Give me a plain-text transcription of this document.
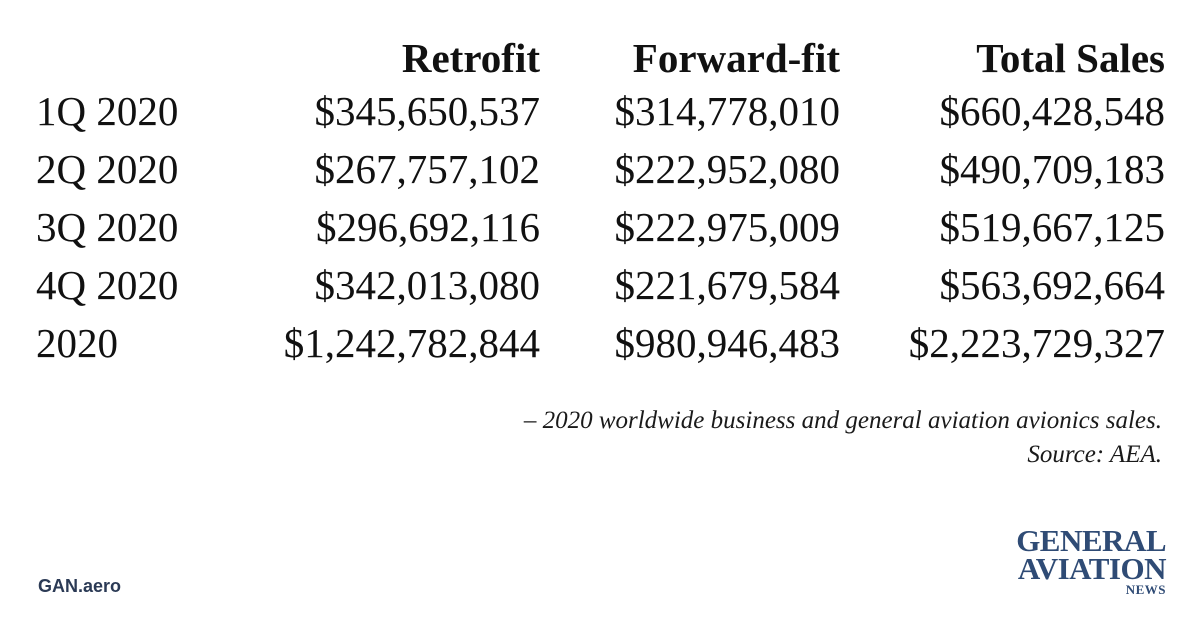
	Retrofit	Forward-fit	Total Sales
1Q 2020	$345,650,537	$314,778,010	$660,428,548
2Q 2020	$267,757,102	$222,952,080	$490,709,183
3Q 2020	$296,692,116	$222,975,009	$519,667,125
4Q 2020	$342,013,080	$221,679,584	$563,692,664
2020	$1,242,782,844	$980,946,483	$2,223,729,327
– 2020 worldwide business and general aviation avionics sales.
Source: AEA.
GAN.aero
GENERAL
AVIATION
NEWS
